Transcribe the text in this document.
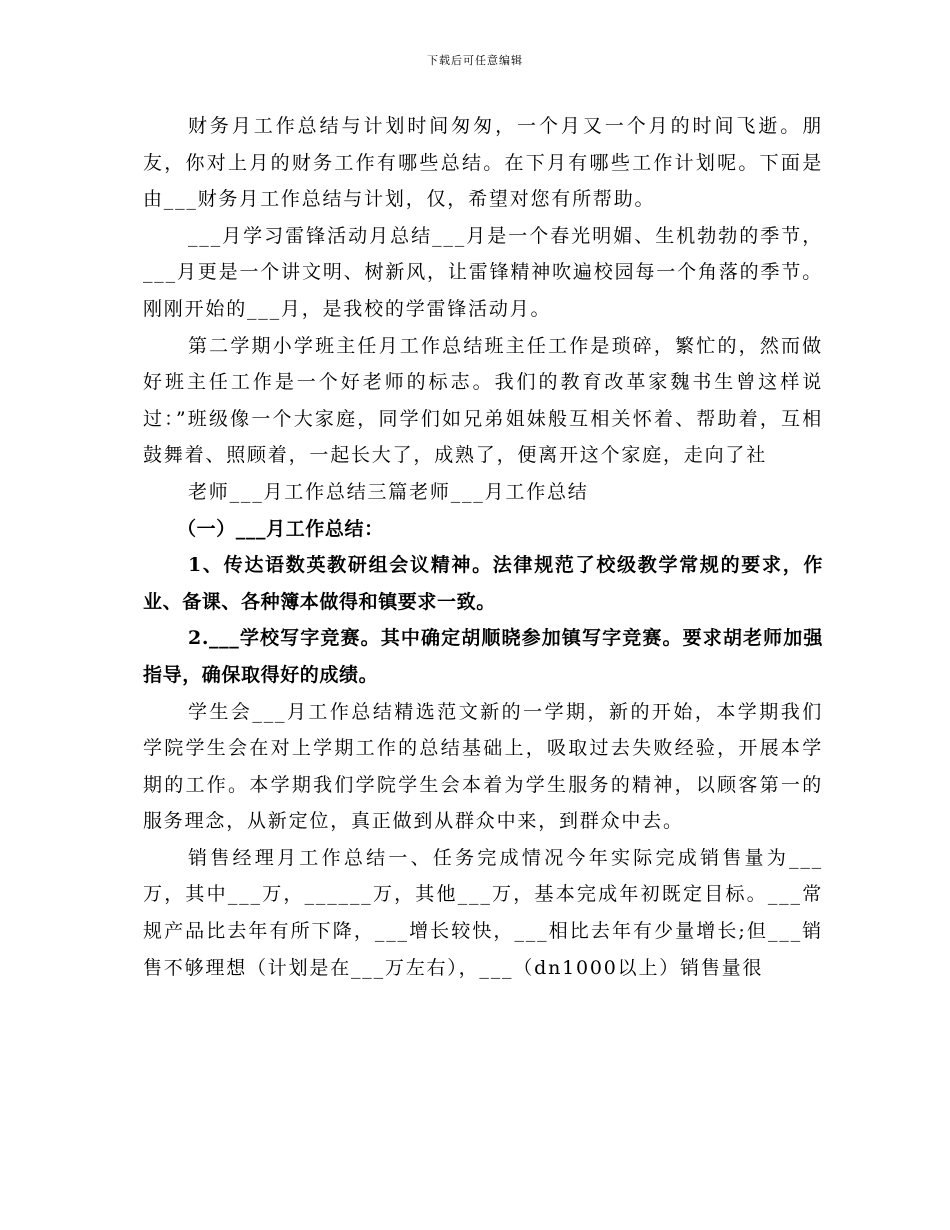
下载后可任意编辑

财务月工作总结与计划时间匆匆，一个月又一个月的时间飞逝。朋友，你对上月的财务工作有哪些总结。在下月有哪些工作计划呢。下面是由___财务月工作总结与计划，仅，希望对您有所帮助。

___月学习雷锋活动月总结___月是一个春光明媚、生机勃勃的季节，___月更是一个讲文明、树新风，让雷锋精神吹遍校园每一个角落的季节。刚刚开始的___月，是我校的学雷锋活动月。

第二学期小学班主任月工作总结班主任工作是琐碎，繁忙的，然而做好班主任工作是一个好老师的标志。我们的教育改革家魏书生曾这样说过：”班级像一个大家庭，同学们如兄弟姐妹般互相关怀着、帮助着，互相鼓舞着、照顾着，一起长大了，成熟了，便离开这个家庭，走向了社

老师___月工作总结三篇老师___月工作总结

（一）___月工作总结：

1、传达语数英教研组会议精神。法律规范了校级教学常规的要求，作业、备课、各种簿本做得和镇要求一致。

2.___学校写字竞赛。其中确定胡顺晓参加镇写字竞赛。要求胡老师加强指导，确保取得好的成绩。

学生会___月工作总结精选范文新的一学期，新的开始，本学期我们学院学生会在对上学期工作的总结基础上，吸取过去失败经验，开展本学期的工作。本学期我们学院学生会本着为学生服务的精神，以顾客第一的服务理念，从新定位，真正做到从群众中来，到群众中去。

销售经理月工作总结一、任务完成情况今年实际完成销售量为___万，其中___万，______万，其他___万，基本完成年初既定目标。___常规产品比去年有所下降，___增长较快，___相比去年有少量增长;但___销售不够理想（计划是在___万左右），___（dn1000以上）销售量很
